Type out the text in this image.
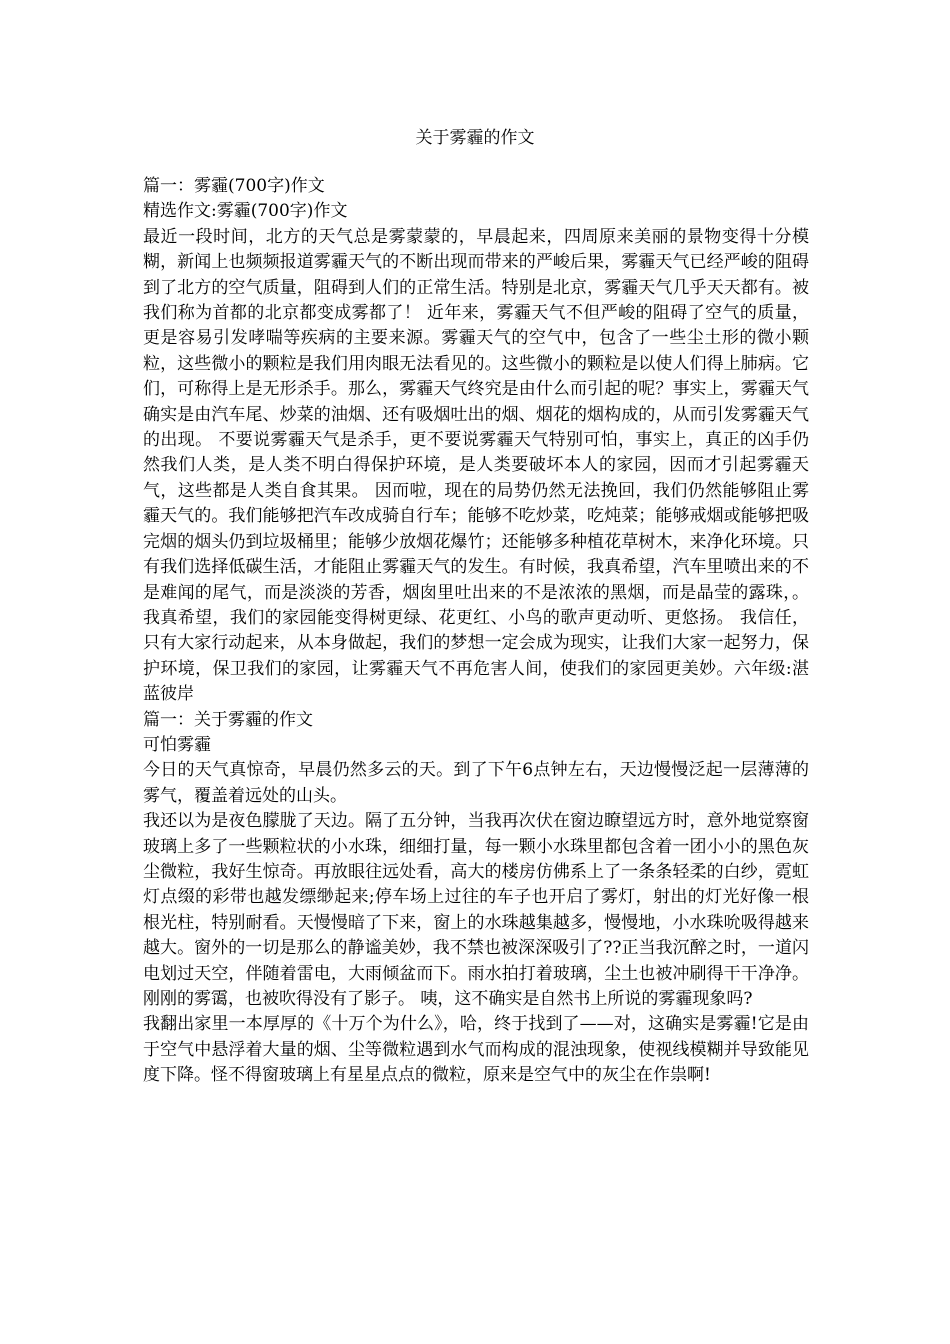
关于雾霾的作文

篇一：雾霾(700字)作文

精选作文:雾霾(700字)作文

最近一段时间，北方的天气总是雾蒙蒙的，早晨起来，四周原来美丽的景物变得十分模糊，新闻上也频频报道雾霾天气的不断出现而带来的严峻后果，雾霾天气已经严峻的阻碍到了北方的空气质量，阻碍到人们的正常生活。特别是北京，雾霾天气几乎天天都有。被我们称为首都的北京都变成雾都了！ 近年来，雾霾天气不但严峻的阻碍了空气的质量，更是容易引发哮喘等疾病的主要来源。雾霾天气的空气中，包含了一些尘土形的微小颗粒，这些微小的颗粒是我们用肉眼无法看见的。这些微小的颗粒是以使人们得上肺病。它们，可称得上是无形杀手。那么，雾霾天气终究是由什么而引起的呢？事实上，雾霾天气确实是由汽车尾、炒菜的油烟、还有吸烟吐出的烟、烟花的烟构成的，从而引发雾霾天气的出现。 不要说雾霾天气是杀手，更不要说雾霾天气特别可怕，事实上，真正的凶手仍然我们人类，是人类不明白得保护环境，是人类要破坏本人的家园，因而才引起雾霾天气，这些都是人类自食其果。 因而啦，现在的局势仍然无法挽回，我们仍然能够阻止雾霾天气的。我们能够把汽车改成骑自行车；能够不吃炒菜，吃炖菜；能够戒烟或能够把吸完烟的烟头仍到垃圾桶里；能够少放烟花爆竹；还能够多种植花草树木，来净化环境。只有我们选择低碳生活，才能阻止雾霾天气的发生。有时候，我真希望，汽车里喷出来的不是难闻的尾气，而是淡淡的芳香，烟囱里吐出来的不是浓浓的黑烟，而是晶莹的露珠，。我真希望，我们的家园能变得树更绿、花更红、小鸟的歌声更动听、更悠扬。 我信任，只有大家行动起来，从本身做起，我们的梦想一定会成为现实，让我们大家一起努力，保护环境，保卫我们的家园，让雾霾天气不再危害人间，使我们的家园更美妙。六年级:湛蓝彼岸

篇一：关于雾霾的作文

可怕雾霾

今日的天气真惊奇，早晨仍然多云的天。到了下午6点钟左右，天边慢慢泛起一层薄薄的雾气，覆盖着远处的山头。

我还以为是夜色朦胧了天边。隔了五分钟，当我再次伏在窗边瞭望远方时，意外地觉察窗玻璃上多了一些颗粒状的小水珠，细细打量，每一颗小水珠里都包含着一团小小的黑色灰尘微粒，我好生惊奇。再放眼往远处看，高大的楼房仿佛系上了一条条轻柔的白纱，霓虹灯点缀的彩带也越发缥缈起来;停车场上过往的车子也开启了雾灯，射出的灯光好像一根根光柱，特别耐看。天慢慢暗了下来，窗上的水珠越集越多，慢慢地，小水珠吮吸得越来越大。窗外的一切是那么的静谧美妙，我不禁也被深深吸引了??正当我沉醉之时，一道闪电划过天空，伴随着雷电，大雨倾盆而下。雨水拍打着玻璃，尘土也被冲刷得干干净净。刚刚的雾霭，也被吹得没有了影子。 咦，这不确实是自然书上所说的雾霾现象吗?

我翻出家里一本厚厚的《十万个为什么》，哈，终于找到了——对，这确实是雾霾!它是由于空气中悬浮着大量的烟、尘等微粒遇到水气而构成的混浊现象，使视线模糊并导致能见度下降。怪不得窗玻璃上有星星点点的微粒，原来是空气中的灰尘在作祟啊!
